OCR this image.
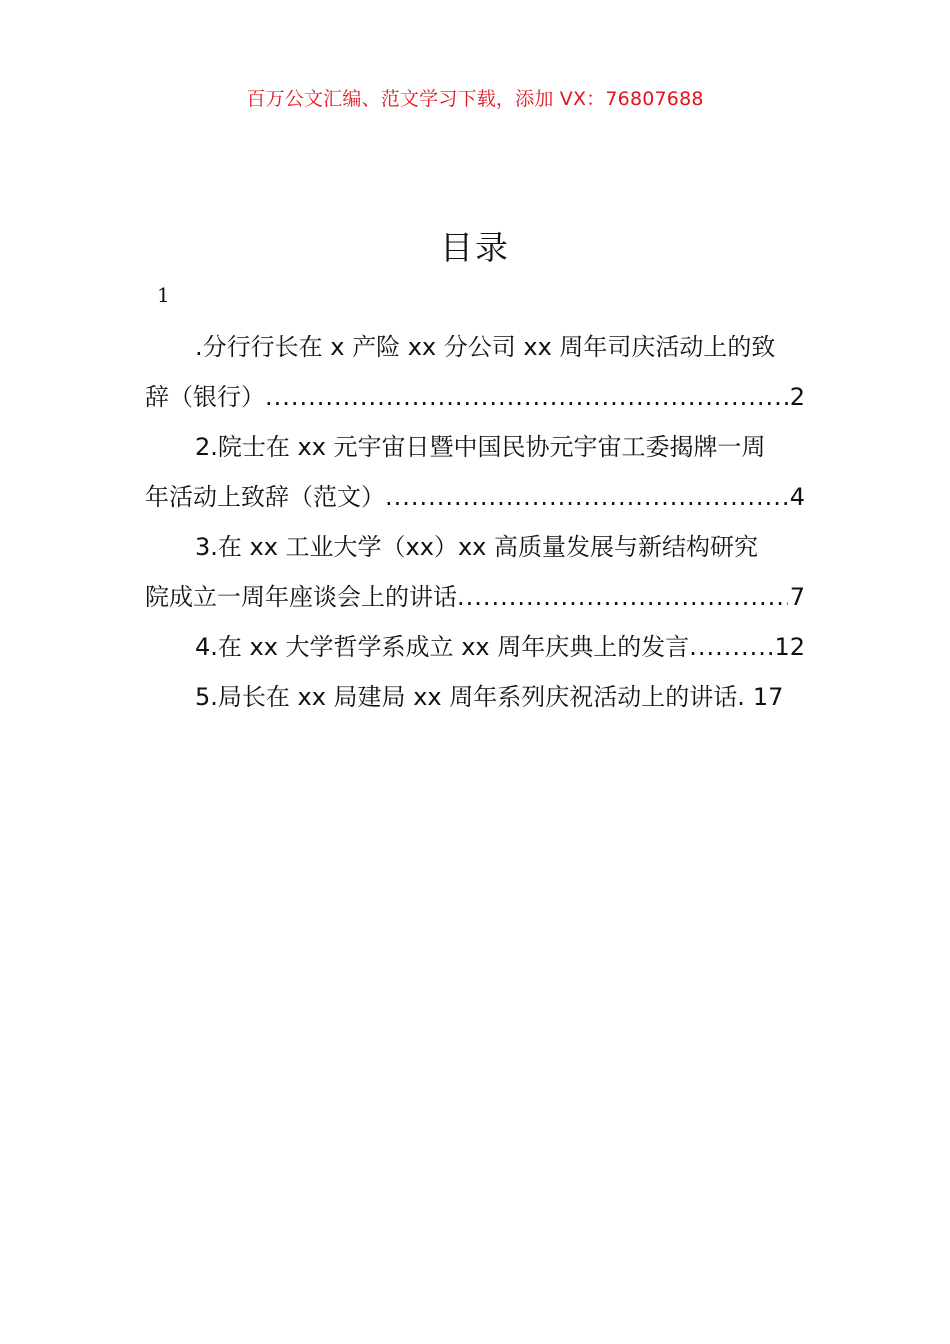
百万公文汇编、范文学习下载，添加 VX：76807688
目录
1
.分行行长在 x 产险 xx 分公司 xx 周年司庆活动上的致
辞（银行） .....	2
2.院士在 xx 元宇宙日暨中国民协元宇宙工委揭牌一周
年活动上致辞（范文） .....	4
3.在 xx 工业大学（xx）xx 高质量发展与新结构研究
院成立一周年座谈会上的讲话 .....	7
4.在 xx 大学哲学系成立 xx 周年庆典上的发言 .....	12
5.局长在 xx 局建局 xx 周年系列庆祝活动上的讲话. 17
